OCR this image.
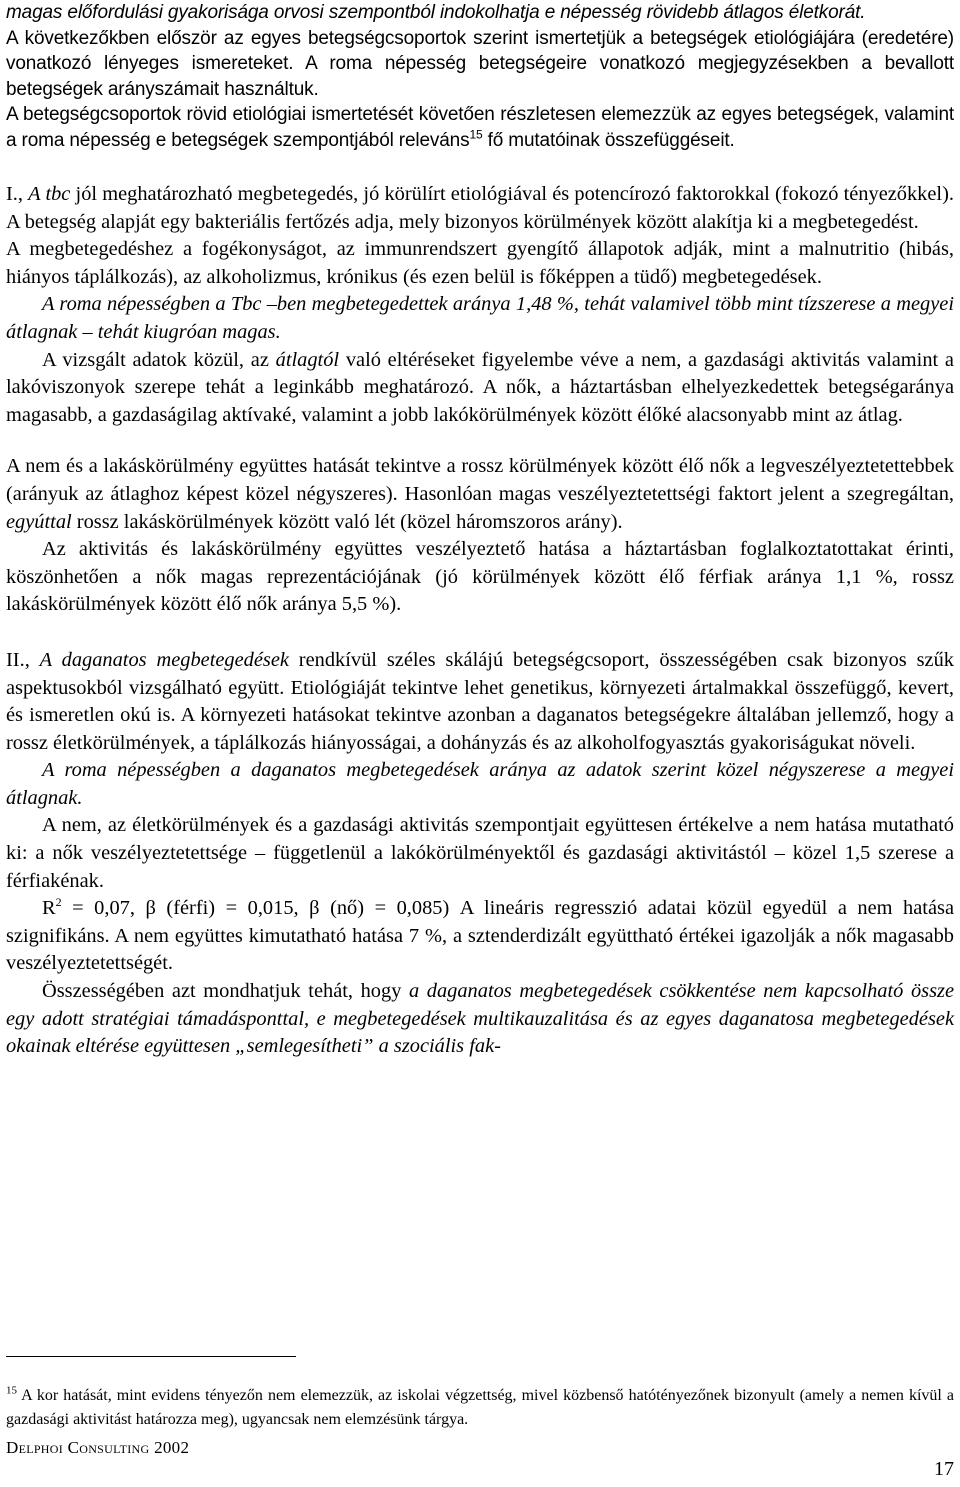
magas előfordulási gyakorisága orvosi szempontból indokolhatja e népesség rövidebb átlagos életkorát.

A következőkben először az egyes betegségcsoportok szerint ismertetjük a betegségek etiológiájára (eredetére) vonatkozó lényeges ismereteket. A roma népesség betegségeire vonatkozó megjegyzésekben a bevallott betegségek arányszámait használtuk.

A betegségcsoportok rövid etiológiai ismertetését követően részletesen elemezzük az egyes betegségek, valamint a roma népesség e betegségek szempontjából releváns$^{15}$ fő mutatóinak összefüggéseit.

I., A tbc jól meghatározható megbetegedés, jó körülírt etiológiával és potencírozó faktorokkal (fokozó tényezőkkel). A betegség alapját egy bakteriális fertőzés adja, mely bizonyos körülmények között alakítja ki a megbetegedést.

A megbetegedéshez a fogékonyságot, az immunrendszert gyengítő állapotok adják, mint a malnutritio (hibás, hiányos táplálkozás), az alkoholizmus, krónikus (és ezen belül is főképpen a tüdő) megbetegedések.

A roma népességben a Tbc –ben megbetegedettek aránya 1,48 %, tehát valamivel több mint tízszerese a megyei átlagnak – tehát kiugróan magas.

A vizsgált adatok közül, az átlagtól való eltéréseket figyelembe véve a nem, a gazdasági aktivitás valamint a lakóviszonyok szerepe tehát a leginkább meghatározó. A nők, a háztartásban elhelyezkedettek betegségaránya magasabb, a gazdaságilag aktívaké, valamint a jobb lakókörülmények között élőké alacsonyabb mint az átlag.

A nem és a lakáskörülmény együttes hatását tekintve a rossz körülmények között élő nők a legveszélyeztetettebbek (arányuk az átlaghoz képest közel négyszeres). Hasonlóan magas veszélyeztetettségi faktort jelent a szegregáltan, egyúttal rossz lakáskörülmények között való lét (közel háromszoros arány).

Az aktivitás és lakáskörülmény együttes veszélyeztető hatása a háztartásban foglalkoztatottakat érinti, köszönhetően a nők magas reprezentációjának (jó körülmények között élő férfiak aránya 1,1 %, rossz lakáskörülmények között élő nők aránya 5,5 %).

II., A daganatos megbetegedések rendkívül széles skálájú betegségcsoport, összességében csak bizonyos szűk aspektusokból vizsgálható együtt. Etiológiáját tekintve lehet genetikus, környezeti ártalmakkal összefüggő, kevert, és ismeretlen okú is. A környezeti hatásokat tekintve azonban a daganatos betegségekre általában jellemző, hogy a rossz életkörülmények, a táplálkozás hiányosságai, a dohányzás és az alkoholfogyasztás gyakoriságukat növeli.

A roma népességben a daganatos megbetegedések aránya az adatok szerint közel négyszerese a megyei átlagnak.

A nem, az életkörülmények és a gazdasági aktivitás szempontjait együttesen értékelve a nem hatása mutatható ki: a nők veszélyeztetettsége – függetlenül a lakókörülményektől és gazdasági aktivitástól – közel 1,5 szerese a férfiakénak.

$R^2 = 0,07$, β (férfi) = 0,015, β (nő) = 0,085) A lineáris regresszió adatai közül egyedül a nem hatása szignifikáns. A nem együttes kimutatható hatása 7 %, a sztenderdizált együttható értékei igazolják a nők magasabb veszélyeztetettségét.

Összességében azt mondhatjuk tehát, hogy a daganatos megbetegedések csökkentése nem kapcsolható össze egy adott stratégiai támadásponttal, e megbetegedések multikauzalitása és az egyes daganatosa megbetegedések okainak eltérése együttesen „semlegesítheti” a szociális fak-

$^{15}$ A kor hatását, mint evidens tényezőn nem elemezzük, az iskolai végzettség, mivel közbenső hatótényezőnek bizonyult (amely a nemen kívül a gazdasági aktivitást határozza meg), ugyancsak nem elemzésünk tárgya.

Delphoi Consulting 2002
17
